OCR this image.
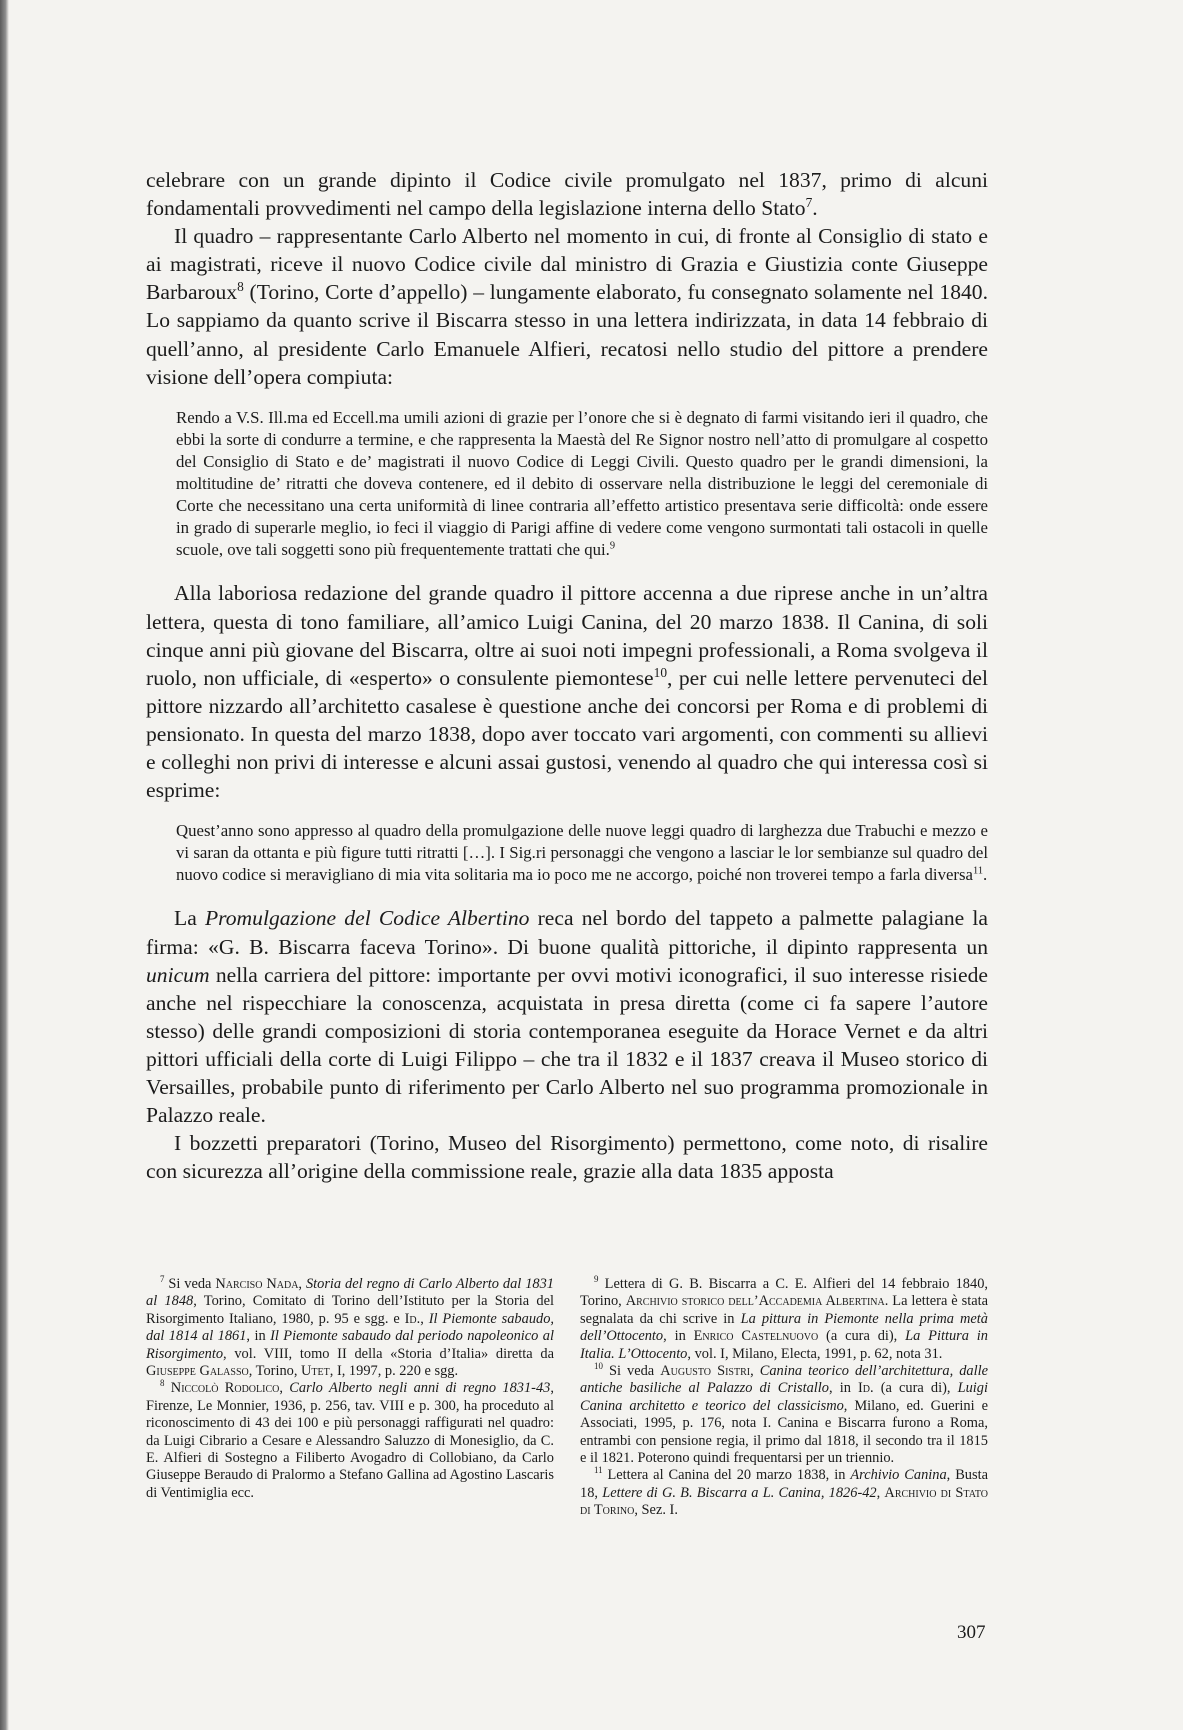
celebrare con un grande dipinto il Codice civile promulgato nel 1837, primo di alcuni fondamentali provvedimenti nel campo della legislazione interna dello Stato$^7$.

Il quadro – rappresentante Carlo Alberto nel momento in cui, di fronte al Consiglio di stato e ai magistrati, riceve il nuovo Codice civile dal ministro di Grazia e Giustizia conte Giuseppe Barbaroux$^8$ (Torino, Corte d’appello) – lungamente elaborato, fu consegnato solamente nel 1840. Lo sappiamo da quanto scrive il Biscarra stesso in una lettera indirizzata, in data 14 febbraio di quell’anno, al presidente Carlo Emanuele Alfieri, recatosi nello studio del pittore a prendere visione dell’opera compiuta:

Rendo a V.S. Ill.ma ed Eccell.ma umili azioni di grazie per l’onore che si è degnato di farmi visitando ieri il quadro, che ebbi la sorte di condurre a termine, e che rappresenta la Maestà del Re Signor nostro nell’atto di promulgare al cospetto del Consiglio di Stato e de’ magistrati il nuovo Codice di Leggi Civili. Questo quadro per le grandi dimensioni, la moltitudine de’ ritratti che doveva contenere, ed il debito di osservare nella distribuzione le leggi del ceremoniale di Corte che necessitano una certa uniformità di linee contraria all’effetto artistico presentava serie difficoltà: onde essere in grado di superarle meglio, io feci il viaggio di Parigi affine di vedere come vengono surmontati tali ostacoli in quelle scuole, ove tali soggetti sono più frequentemente trattati che qui.$^9$

Alla laboriosa redazione del grande quadro il pittore accenna a due riprese anche in un’altra lettera, questa di tono familiare, all’amico Luigi Canina, del 20 marzo 1838. Il Canina, di soli cinque anni più giovane del Biscarra, oltre ai suoi noti impegni professionali, a Roma svolgeva il ruolo, non ufficiale, di «esperto» o consulente piemontese$^{10}$, per cui nelle lettere pervenuteci del pittore nizzardo all’architetto casalese è questione anche dei concorsi per Roma e di problemi di pensionato. In questa del marzo 1838, dopo aver toccato vari argomenti, con commenti su allievi e colleghi non privi di interesse e alcuni assai gustosi, venendo al quadro che qui interessa così si esprime:

Quest’anno sono appresso al quadro della promulgazione delle nuove leggi quadro di larghezza due Trabuchi e mezzo e vi saran da ottanta e più figure tutti ritratti […]. I Sig.ri personaggi che vengono a lasciar le lor sembianze sul quadro del nuovo codice si meravigliano di mia vita solitaria ma io poco me ne accorgo, poiché non troverei tempo a farla diversa$^{11}$.

La Promulgazione del Codice Albertino reca nel bordo del tappeto a palmette palagiane la firma: «G. B. Biscarra faceva Torino». Di buone qualità pittoriche, il dipinto rappresenta un unicum nella carriera del pittore: importante per ovvi motivi iconografici, il suo interesse risiede anche nel rispecchiare la conoscenza, acquistata in presa diretta (come ci fa sapere l’autore stesso) delle grandi composizioni di storia contemporanea eseguite da Horace Vernet e da altri pittori ufficiali della corte di Luigi Filippo – che tra il 1832 e il 1837 creava il Museo storico di Versailles, probabile punto di riferimento per Carlo Alberto nel suo programma promozionale in Palazzo reale.

I bozzetti preparatori (Torino, Museo del Risorgimento) permettono, come noto, di risalire con sicurezza all’origine della commissione reale, grazie alla data 1835 apposta

$^7$ Si veda Narciso Nada, Storia del regno di Carlo Alberto dal 1831 al 1848, Torino, Comitato di Torino dell’Istituto per la Storia del Risorgimento Italiano, 1980, p. 95 e sgg. e Id., Il Piemonte sabaudo, dal 1814 al 1861, in Il Piemonte sabaudo dal periodo napoleonico al Risorgimento, vol. VIII, tomo II della «Storia d’Italia» diretta da Giuseppe Galasso, Torino, Utet, I, 1997, p. 220 e sgg.

$^8$ Niccolò Rodolico, Carlo Alberto negli anni di regno 1831-43, Firenze, Le Monnier, 1936, p. 256, tav. VIII e p. 300, ha proceduto al riconoscimento di 43 dei 100 e più personaggi raffigurati nel quadro: da Luigi Cibrario a Cesare e Alessandro Saluzzo di Monesiglio, da C. E. Alfieri di Sostegno a Filiberto Avogadro di Collobiano, da Carlo Giuseppe Beraudo di Pralormo a Stefano Gallina ad Agostino Lascaris di Ventimiglia ecc.

$^9$ Lettera di G. B. Biscarra a C. E. Alfieri del 14 febbraio 1840, Torino, Archivio storico dell’Accademia Albertina. La lettera è stata segnalata da chi scrive in La pittura in Piemonte nella prima metà dell’Ottocento, in Enrico Castelnuovo (a cura di), La Pittura in Italia. L’Ottocento, vol. I, Milano, Electa, 1991, p. 62, nota 31.

$^{10}$ Si veda Augusto Sistri, Canina teorico dell’architettura, dalle antiche basiliche al Palazzo di Cristallo, in Id. (a cura di), Luigi Canina architetto e teorico del classicismo, Milano, ed. Guerini e Associati, 1995, p. 176, nota I. Canina e Biscarra furono a Roma, entrambi con pensione regia, il primo dal 1818, il secondo tra il 1815 e il 1821. Poterono quindi frequentarsi per un triennio.

$^{11}$ Lettera al Canina del 20 marzo 1838, in Archivio Canina, Busta 18, Lettere di G. B. Biscarra a L. Canina, 1826-42, Archivio di Stato di Torino, Sez. I.

307
